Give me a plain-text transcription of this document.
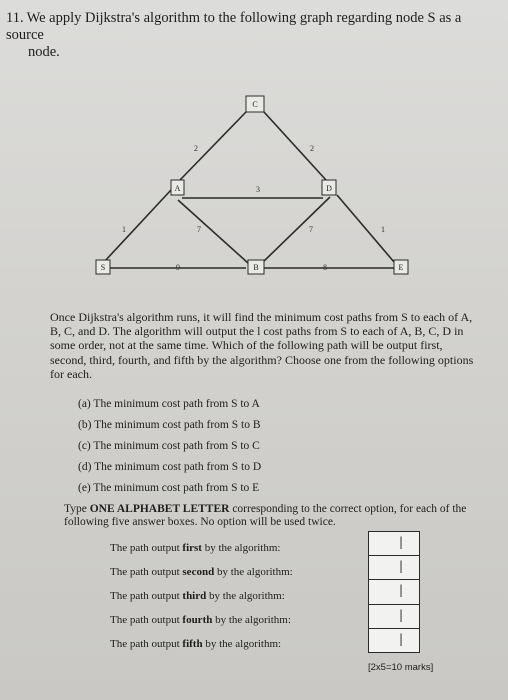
11. We apply Dijkstra's algorithm to the following graph regarding node S as a source
node.
S
A
B
C
D
E
1
2	2
3
7	7	1
9	8
Once Dijkstra's algorithm runs, it will find the minimum cost paths from S to each of A, B, C, and D. The algorithm will output the l cost paths from S to each of A, B, C, D in some order, not at the same time. Which of the following path will be output first, second, third, fourth, and fifth by the algorithm? Choose one from the following options for each.
(a) The minimum cost path from S to A
(b) The minimum cost path from S to B
(c) The minimum cost path from S to C
(d) The minimum cost path from S to D
(e) The minimum cost path from S to E
Type ONE ALPHABET LETTER corresponding to the correct option, for each of the following five answer boxes. No option will be used twice.
The path output first by the algorithm:
The path output second by the algorithm:
The path output third by the algorithm:
The path output fourth by the algorithm:
The path output fifth by the algorithm:
|
|
|
|
|
[2x5=10 marks]
